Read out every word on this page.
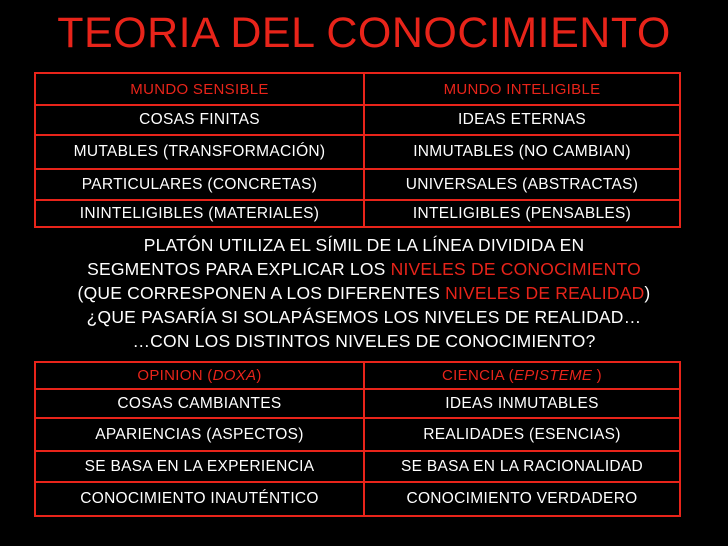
TEORIA DEL CONOCIMIENTO
MUNDO SENSIBLE	MUNDO INTELIGIBLE
COSAS FINITAS	IDEAS ETERNAS
MUTABLES (TRANSFORMACIÓN)	INMUTABLES (NO CAMBIAN)
PARTICULARES (CONCRETAS)	UNIVERSALES (ABSTRACTAS)
ININTELIGIBLES (MATERIALES)	INTELIGIBLES (PENSABLES)
PLATÓN UTILIZA EL SÍMIL DE LA LÍNEA DIVIDIDA EN
SEGMENTOS PARA EXPLICAR LOS NIVELES DE CONOCIMIENTO
(QUE CORRESPONEN A LOS DIFERENTES NIVELES DE REALIDAD)
¿QUE PASARÍA SI SOLAPÁSEMOS LOS NIVELES DE REALIDAD…
…CON LOS DISTINTOS NIVELES DE CONOCIMIENTO?
OPINION (DOXA)	CIENCIA (EPISTEME )
COSAS CAMBIANTES	IDEAS INMUTABLES
APARIENCIAS (ASPECTOS)	REALIDADES (ESENCIAS)
SE BASA EN LA EXPERIENCIA	SE BASA EN LA RACIONALIDAD
CONOCIMIENTO INAUTÉNTICO	CONOCIMIENTO VERDADERO
